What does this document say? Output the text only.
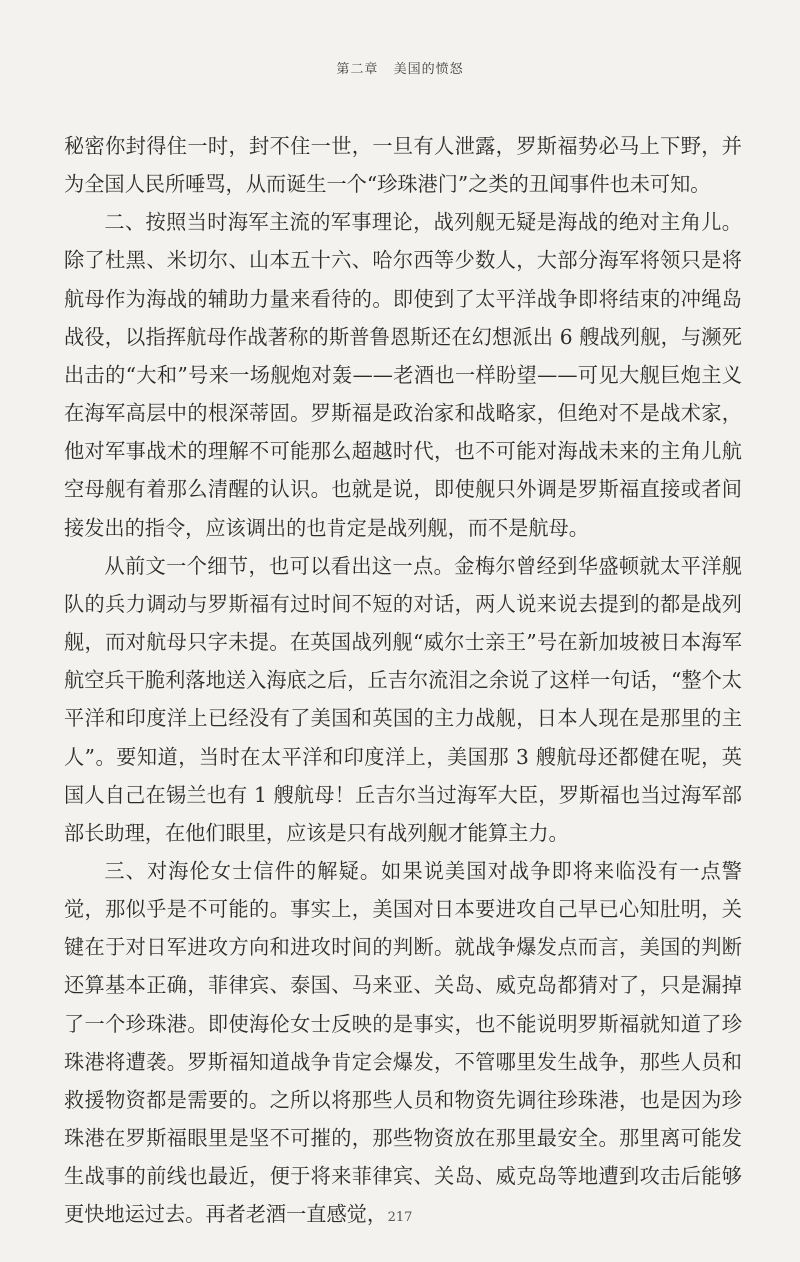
第二章 美国的愤怒

秘密你封得住一时，封不住一世，一旦有人泄露，罗斯福势必马上下野，并为全国人民所唾骂，从而诞生一个“珍珠港门”之类的丑闻事件也未可知。

二、按照当时海军主流的军事理论，战列舰无疑是海战的绝对主角儿。除了杜黑、米切尔、山本五十六、哈尔西等少数人，大部分海军将领只是将航母作为海战的辅助力量来看待的。即使到了太平洋战争即将结束的冲绳岛战役，以指挥航母作战著称的斯普鲁恩斯还在幻想派出 6 艘战列舰，与濒死出击的“大和”号来一场舰炮对轰——老酒也一样盼望——可见大舰巨炮主义在海军高层中的根深蒂固。罗斯福是政治家和战略家，但绝对不是战术家，他对军事战术的理解不可能那么超越时代，也不可能对海战未来的主角儿航空母舰有着那么清醒的认识。也就是说，即使舰只外调是罗斯福直接或者间接发出的指令，应该调出的也肯定是战列舰，而不是航母。

从前文一个细节，也可以看出这一点。金梅尔曾经到华盛顿就太平洋舰队的兵力调动与罗斯福有过时间不短的对话，两人说来说去提到的都是战列舰，而对航母只字未提。在英国战列舰“威尔士亲王”号在新加坡被日本海军航空兵干脆利落地送入海底之后，丘吉尔流泪之余说了这样一句话，“整个太平洋和印度洋上已经没有了美国和英国的主力战舰，日本人现在是那里的主人”。要知道，当时在太平洋和印度洋上，美国那 3 艘航母还都健在呢，英国人自己在锡兰也有 1 艘航母！丘吉尔当过海军大臣，罗斯福也当过海军部部长助理，在他们眼里，应该是只有战列舰才能算主力。

三、对海伦女士信件的解疑。如果说美国对战争即将来临没有一点警觉，那似乎是不可能的。事实上，美国对日本要进攻自己早已心知肚明，关键在于对日军进攻方向和进攻时间的判断。就战争爆发点而言，美国的判断还算基本正确，菲律宾、泰国、马来亚、关岛、威克岛都猜对了，只是漏掉了一个珍珠港。即使海伦女士反映的是事实，也不能说明罗斯福就知道了珍珠港将遭袭。罗斯福知道战争肯定会爆发，不管哪里发生战争，那些人员和救援物资都是需要的。之所以将那些人员和物资先调往珍珠港，也是因为珍珠港在罗斯福眼里是坚不可摧的，那些物资放在那里最安全。那里离可能发生战事的前线也最近，便于将来菲律宾、关岛、威克岛等地遭到攻击后能够更快地运过去。再者老酒一直感觉， 217
